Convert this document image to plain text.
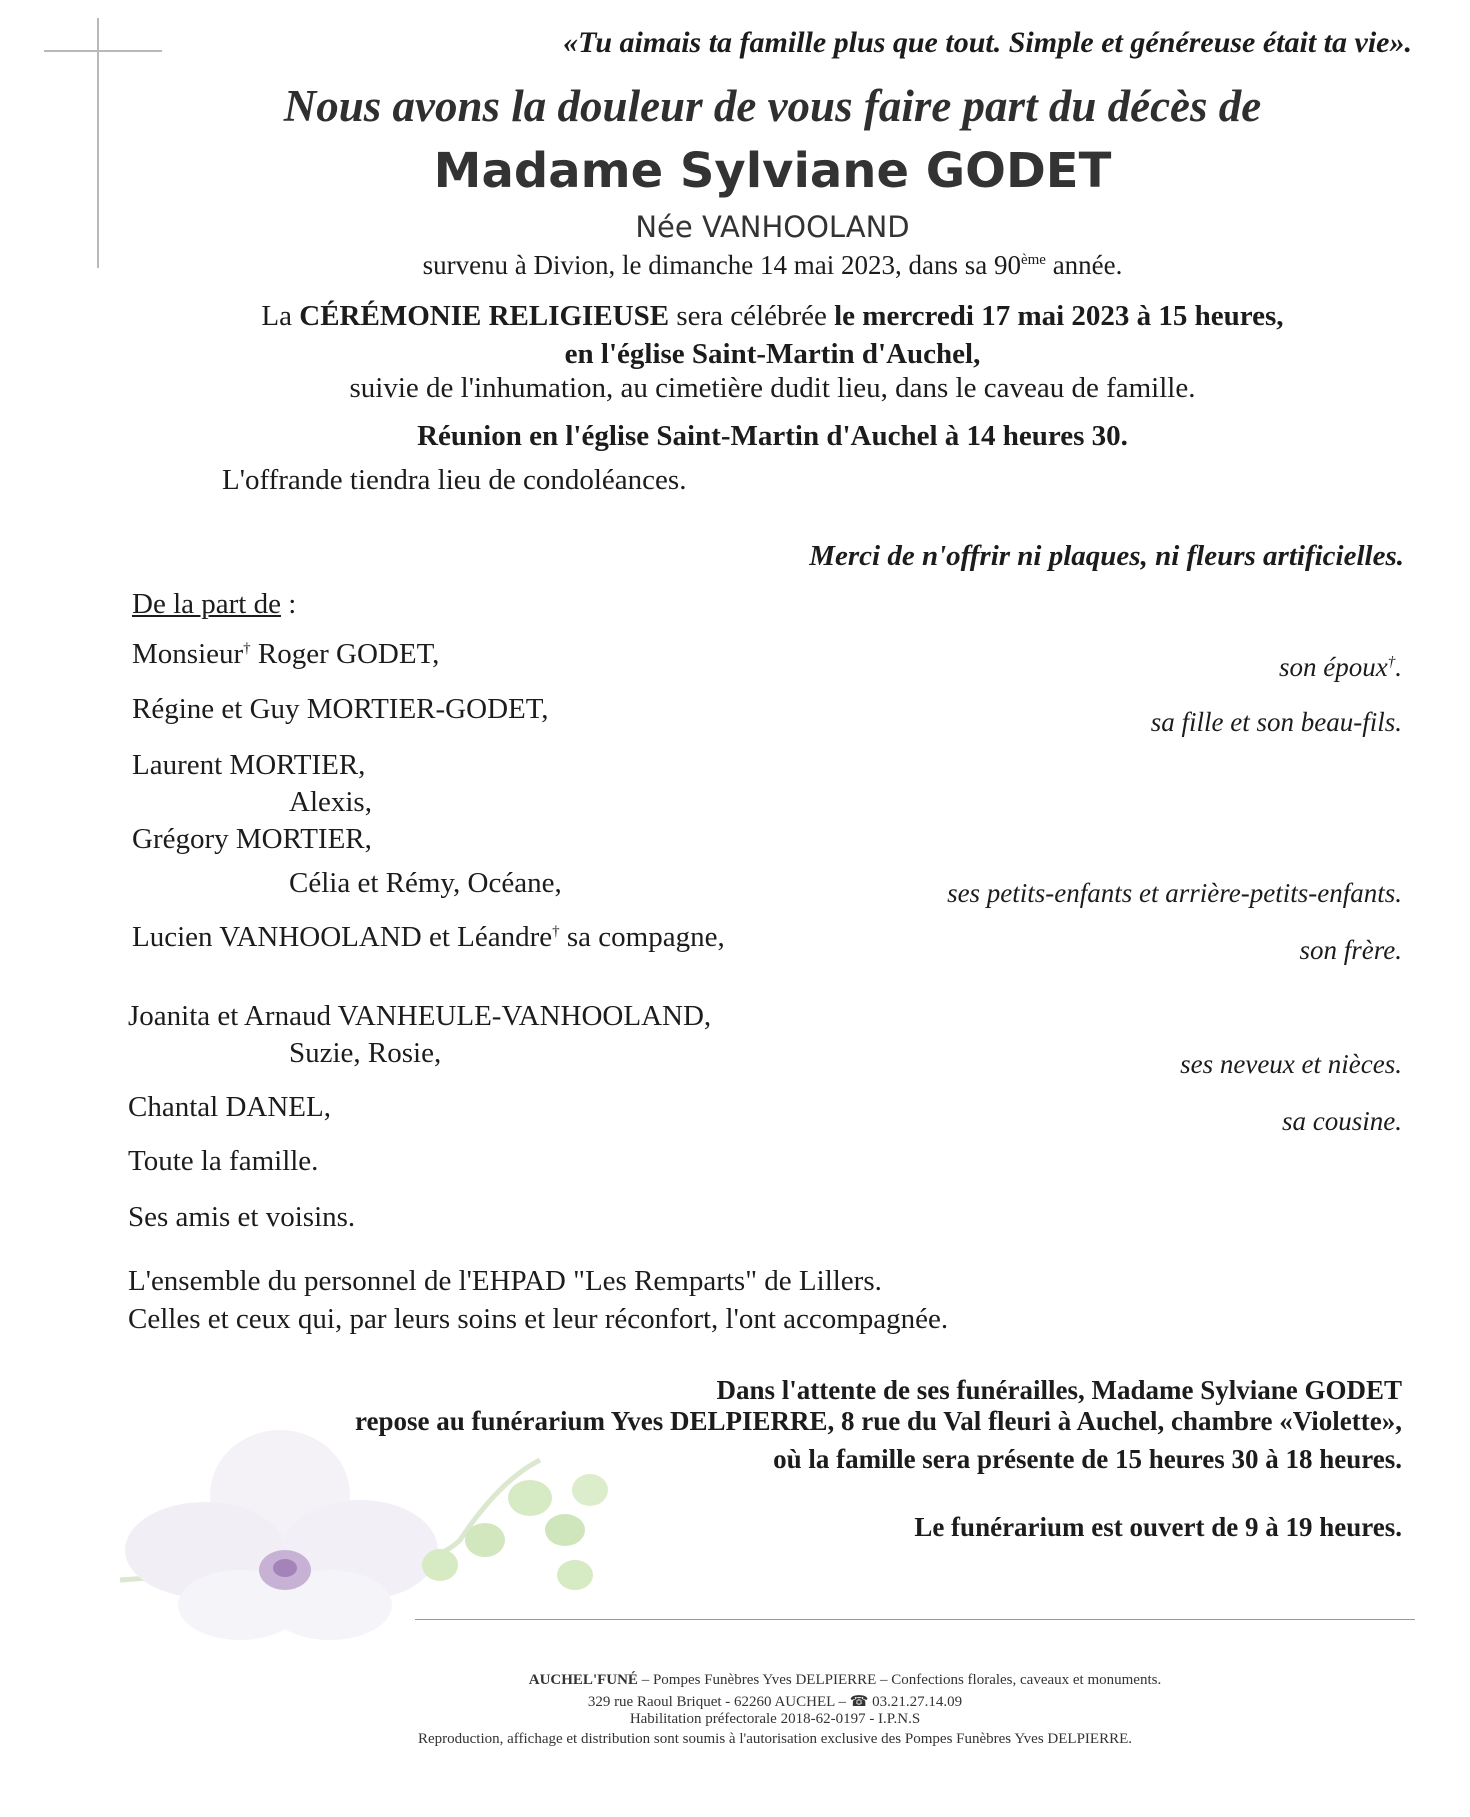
«Tu aimais ta famille plus que tout. Simple et généreuse était ta vie».
Nous avons la douleur de vous faire part du décès de
Madame Sylviane GODET
Née VANHOOLAND
survenu à Divion, le dimanche 14 mai 2023, dans sa 90ème année.
La CÉRÉMONIE RELIGIEUSE sera célébrée le mercredi 17 mai 2023 à 15 heures,
en l'église Saint-Martin d'Auchel,
suivie de l'inhumation, au cimetière dudit lieu, dans le caveau de famille.
Réunion en l'église Saint-Martin d'Auchel à 14 heures 30.
L'offrande tiendra lieu de condoléances.
Merci de n'offrir ni plaques, ni fleurs artificielles.
De la part de :
Monsieur† Roger GODET,	son époux†.
Régine et Guy MORTIER-GODET,	sa fille et son beau-fils.
Laurent MORTIER,
Alexis,
Grégory MORTIER,
Célia et Rémy, Océane,	ses petits-enfants et arrière-petits-enfants.
Lucien VANHOOLAND et Léandre† sa compagne,	son frère.
Joanita et Arnaud VANHEULE-VANHOOLAND,
Suzie, Rosie,	ses neveux et nièces.
Chantal DANEL,	sa cousine.
Toute la famille.
Ses amis et voisins.
L'ensemble du personnel de l'EHPAD "Les Remparts" de Lillers.
Celles et ceux qui, par leurs soins et leur réconfort, l'ont accompagnée.
Dans l'attente de ses funérailles, Madame Sylviane GODET
repose au funérarium Yves DELPIERRE, 8 rue du Val fleuri à Auchel, chambre «Violette»,
où la famille sera présente de 15 heures 30 à 18 heures.
Le funérarium est ouvert de 9 à 19 heures.
AUCHEL'FUNÉ – Pompes Funèbres Yves DELPIERRE – Confections florales, caveaux et monuments.
329 rue Raoul Briquet - 62260 AUCHEL – ☎ 03.21.27.14.09
Habilitation préfectorale 2018-62-0197 - I.P.N.S
Reproduction, affichage et distribution sont soumis à l'autorisation exclusive des Pompes Funèbres Yves DELPIERRE.
